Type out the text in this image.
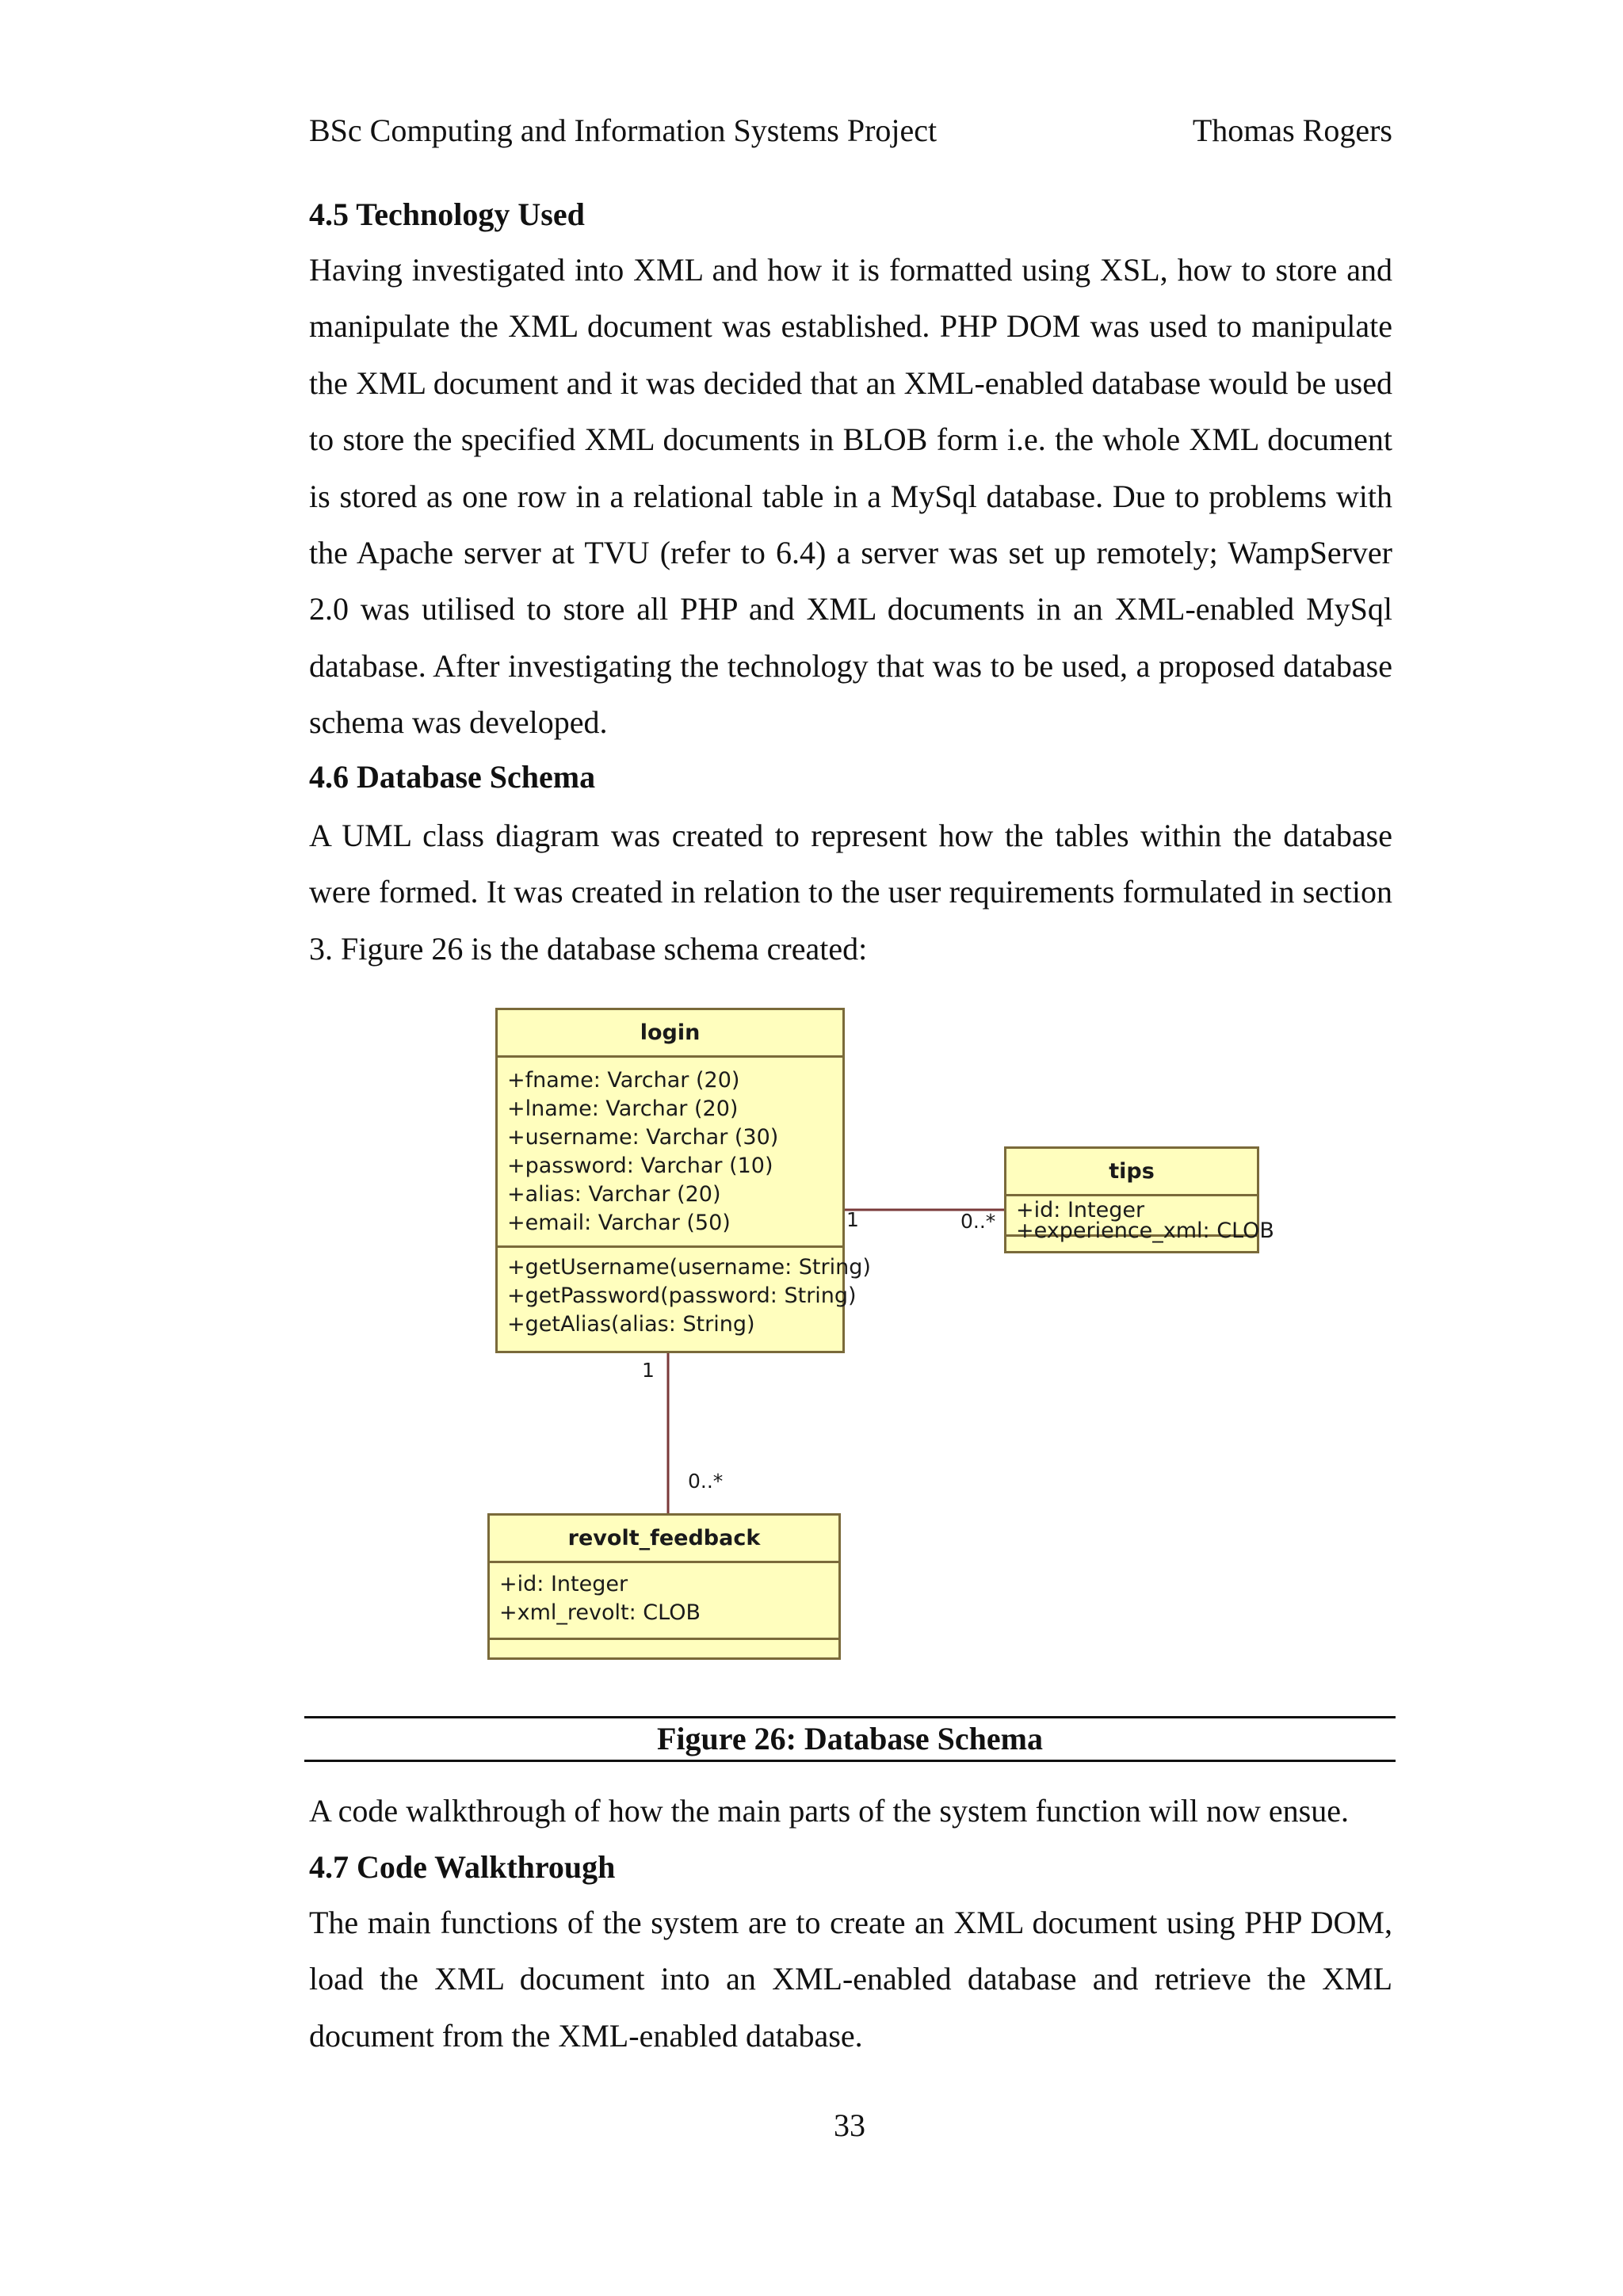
BSc Computing and Information Systems Project	Thomas Rogers
4.5 Technology Used

Having investigated into XML and how it is formatted using XSL, how to store and manipulate the XML document was established. PHP DOM was used to manipulate the XML document and it was decided that an XML-enabled database would be used to store the specified XML documents in BLOB form i.e. the whole XML document is stored as one row in a relational table in a MySql database. Due to problems with the Apache server at TVU (refer to 6.4) a server was set up remotely; WampServer 2.0 was utilised to store all PHP and XML documents in an XML-enabled MySql database. After investigating the technology that was to be used, a proposed database schema was developed.

4.6 Database Schema

A UML class diagram was created to represent how the tables within the database were formed. It was created in relation to the user requirements formulated in section 3. Figure 26 is the database schema created:

login
+fname: Varchar (20)
+lname: Varchar (20)
+username: Varchar (30)
+password: Varchar (10)
+alias: Varchar (20)
+email: Varchar (50)
+getUsername(username: String)
+getPassword(password: String)
+getAlias(alias: String)
tips
+id: Integer
+experience_xml: CLOB
revolt_feedback
+id: Integer
+xml_revolt: CLOB
1	0..*
1
0..*
Figure 26: Database Schema
A code walkthrough of how the main parts of the system function will now ensue.
4.7 Code Walkthrough

The main functions of the system are to create an XML document using PHP DOM, load the XML document into an XML-enabled database and retrieve the XML document from the XML-enabled database.

33
